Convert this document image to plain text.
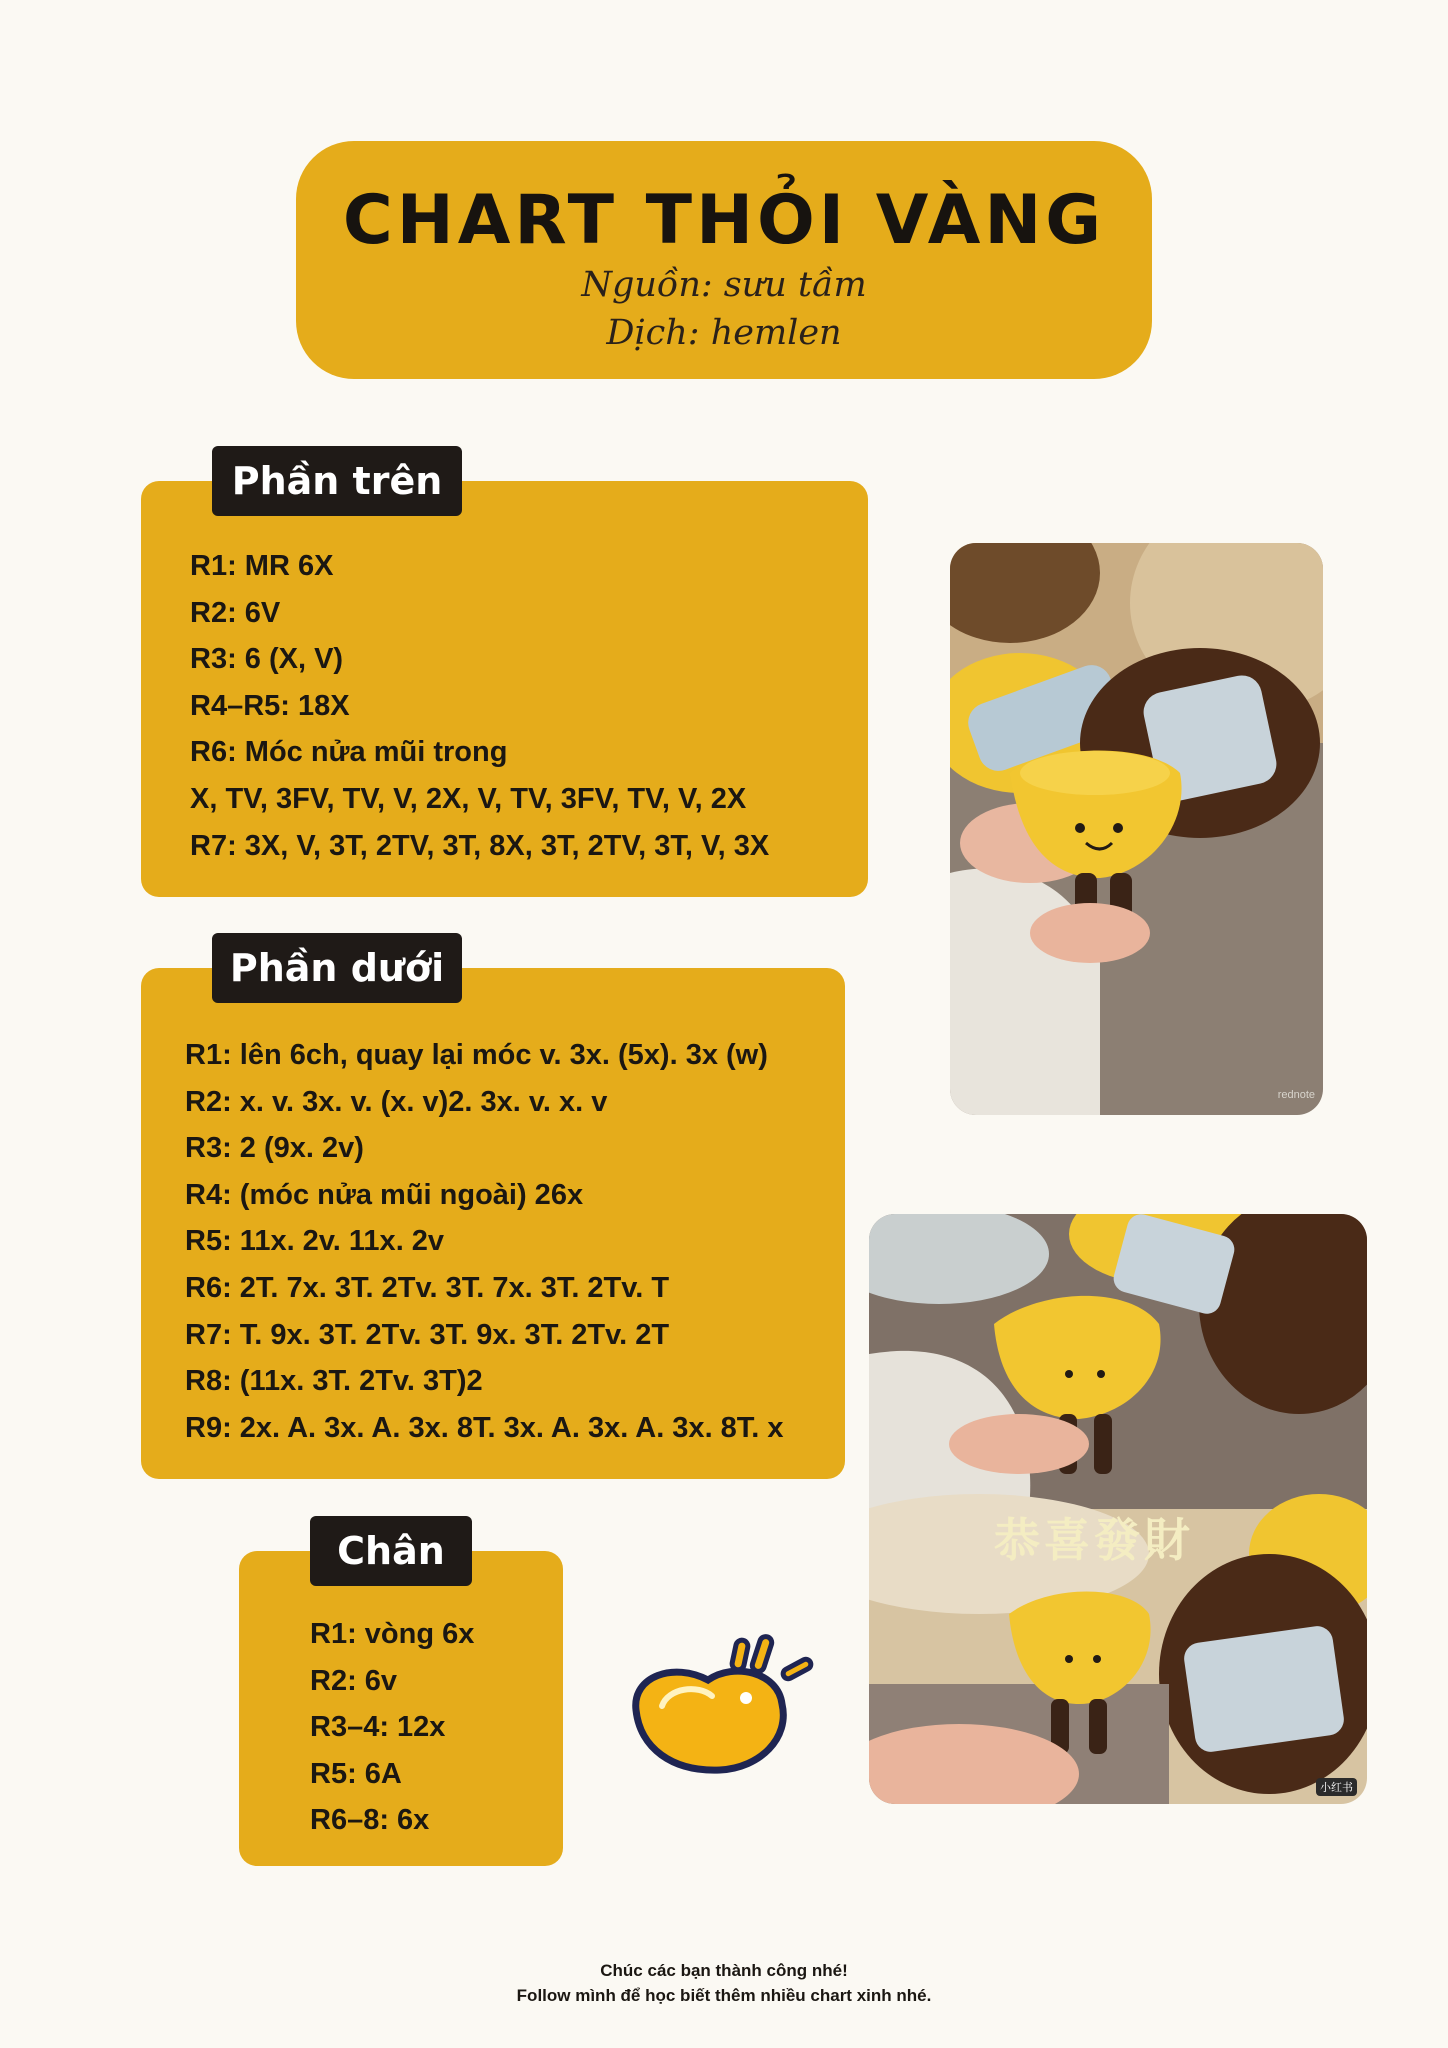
CHART THỎI VÀNG
Nguồn: sưu tầm
Dịch: hemlen
Phần trên
R1: MR 6X
R2: 6V
R3: 6 (X, V)
R4–R5: 18X
R6: Móc nửa mũi trong
X, TV, 3FV, TV, V, 2X, V, TV, 3FV, TV, V, 2X
R7: 3X, V, 3T, 2TV, 3T, 8X, 3T, 2TV, 3T, V, 3X
Phần dưới
R1: lên 6ch, quay lại móc v. 3x. (5x). 3x (w)
R2: x. v. 3x. v. (x. v)2. 3x. v. x. v
R3: 2 (9x. 2v)
R4: (móc nửa mũi ngoài) 26x
R5: 11x. 2v. 11x. 2v
R6: 2T. 7x. 3T. 2Tv. 3T. 7x. 3T. 2Tv. T
R7: T. 9x. 3T. 2Tv. 3T. 9x. 3T. 2Tv. 2T
R8: (11x. 3T. 2Tv. 3T)2
R9: 2x. A. 3x. A. 3x. 8T. 3x. A. 3x. A. 3x. 8T. x
Chân
R1: vòng 6x
R2: 6v
R3–4: 12x
R5: 6A
R6–8: 6x
rednote
恭喜發財
小红书
Chúc các bạn thành công nhé!
Follow mình để học biết thêm nhiều chart xinh nhé.
